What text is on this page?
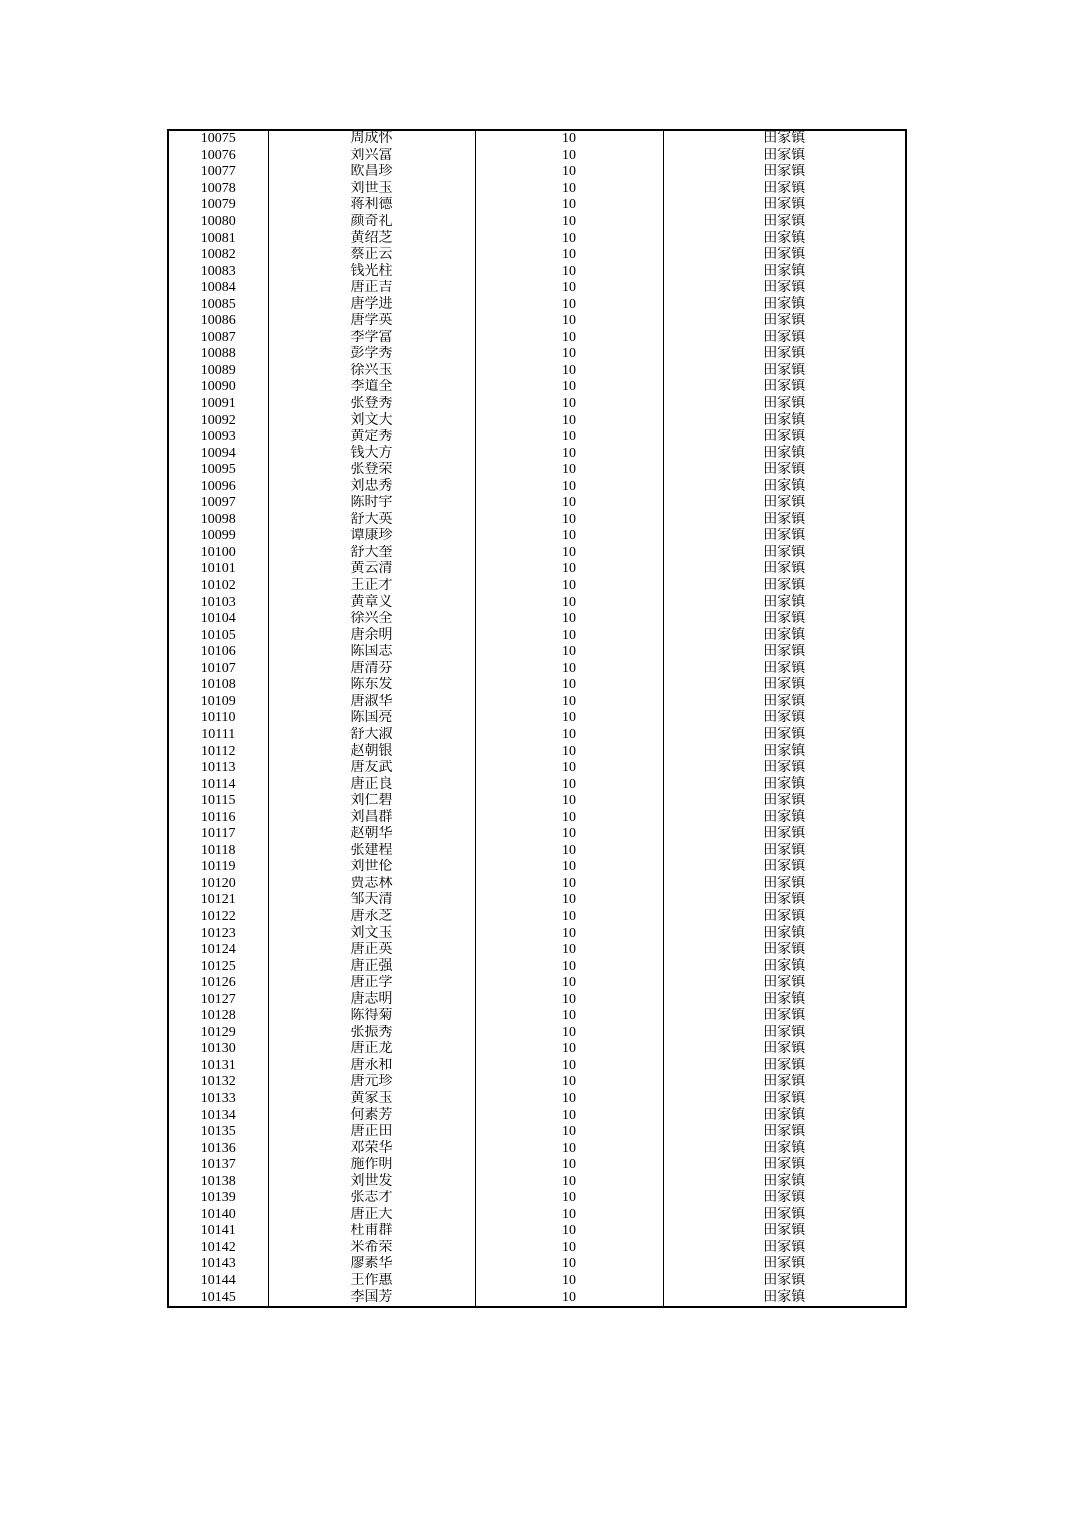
10075	周成怀	10	田家镇
10076	刘兴富	10	田家镇
10077	欧昌珍	10	田家镇
10078	刘世玉	10	田家镇
10079	蒋利德	10	田家镇
10080	颜奇礼	10	田家镇
10081	黄绍芝	10	田家镇
10082	蔡正云	10	田家镇
10083	钱光柱	10	田家镇
10084	唐正吉	10	田家镇
10085	唐学进	10	田家镇
10086	唐学英	10	田家镇
10087	李学富	10	田家镇
10088	彭学秀	10	田家镇
10089	徐兴玉	10	田家镇
10090	李道全	10	田家镇
10091	张登秀	10	田家镇
10092	刘文大	10	田家镇
10093	黄定秀	10	田家镇
10094	钱大方	10	田家镇
10095	张登荣	10	田家镇
10096	刘忠秀	10	田家镇
10097	陈时宇	10	田家镇
10098	舒大英	10	田家镇
10099	谭康珍	10	田家镇
10100	舒大奎	10	田家镇
10101	黄云清	10	田家镇
10102	王正才	10	田家镇
10103	黄章义	10	田家镇
10104	徐兴全	10	田家镇
10105	唐余明	10	田家镇
10106	陈国志	10	田家镇
10107	唐清芬	10	田家镇
10108	陈东发	10	田家镇
10109	唐淑华	10	田家镇
10110	陈国亮	10	田家镇
10111	舒大淑	10	田家镇
10112	赵朝银	10	田家镇
10113	唐友武	10	田家镇
10114	唐正良	10	田家镇
10115	刘仁碧	10	田家镇
10116	刘昌群	10	田家镇
10117	赵朝华	10	田家镇
10118	张建程	10	田家镇
10119	刘世伦	10	田家镇
10120	贾志林	10	田家镇
10121	邹天清	10	田家镇
10122	唐永芝	10	田家镇
10123	刘文玉	10	田家镇
10124	唐正英	10	田家镇
10125	唐正强	10	田家镇
10126	唐正学	10	田家镇
10127	唐志明	10	田家镇
10128	陈得菊	10	田家镇
10129	张振秀	10	田家镇
10130	唐正龙	10	田家镇
10131	唐永和	10	田家镇
10132	唐元珍	10	田家镇
10133	黄家玉	10	田家镇
10134	何素芳	10	田家镇
10135	唐正田	10	田家镇
10136	邓荣华	10	田家镇
10137	施作明	10	田家镇
10138	刘世发	10	田家镇
10139	张志才	10	田家镇
10140	唐正大	10	田家镇
10141	杜甫群	10	田家镇
10142	米希荣	10	田家镇
10143	廖素华	10	田家镇
10144	王作惠	10	田家镇
10145	李国芳	10	田家镇
